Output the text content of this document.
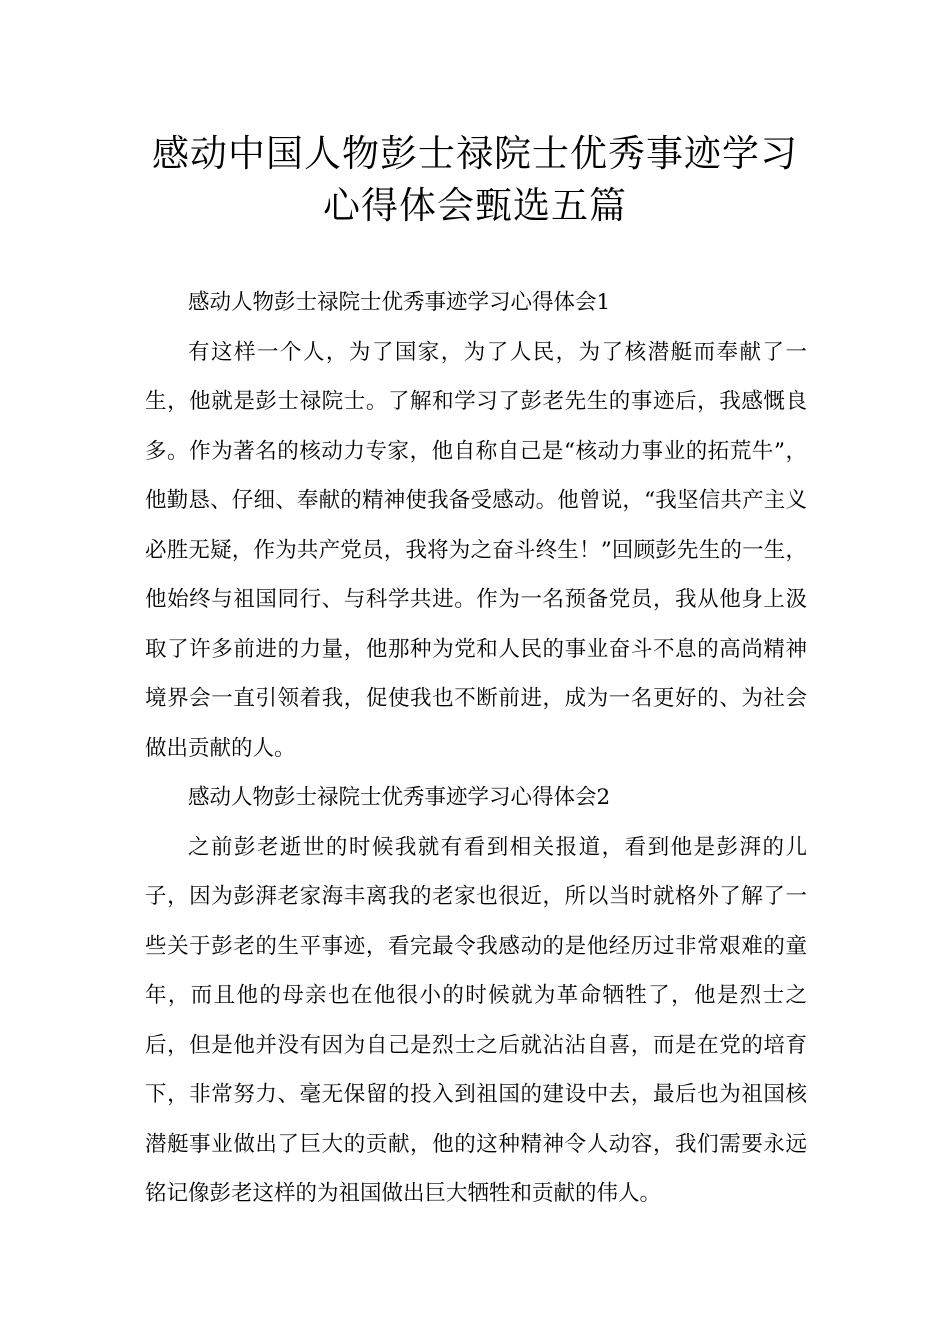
感动中国人物彭士禄院士优秀事迹学习
心得体会甄选五篇

感动人物彭士禄院士优秀事迹学习心得体会1

有这样一个人，为了国家，为了人民，为了核潜艇而奉献了一生，他就是彭士禄院士。了解和学习了彭老先生的事迹后，我感慨良多。作为著名的核动力专家，他自称自己是“核动力事业的拓荒牛”，他勤恳、仔细、奉献的精神使我备受感动。他曾说，“我坚信共产主义必胜无疑，作为共产党员，我将为之奋斗终生！”回顾彭先生的一生，他始终与祖国同行、与科学共进。作为一名预备党员，我从他身上汲取了许多前进的力量，他那种为党和人民的事业奋斗不息的高尚精神境界会一直引领着我，促使我也不断前进，成为一名更好的、为社会做出贡献的人。

感动人物彭士禄院士优秀事迹学习心得体会2

之前彭老逝世的时候我就有看到相关报道，看到他是彭湃的儿子，因为彭湃老家海丰离我的老家也很近，所以当时就格外了解了一些关于彭老的生平事迹，看完最令我感动的是他经历过非常艰难的童年，而且他的母亲也在他很小的时候就为革命牺牲了，他是烈士之后，但是他并没有因为自己是烈士之后就沾沾自喜，而是在党的培育下，非常努力、毫无保留的投入到祖国的建设中去，最后也为祖国核潜艇事业做出了巨大的贡献，他的这种精神令人动容，我们需要永远铭记像彭老这样的为祖国做出巨大牺牲和贡献的伟人。
